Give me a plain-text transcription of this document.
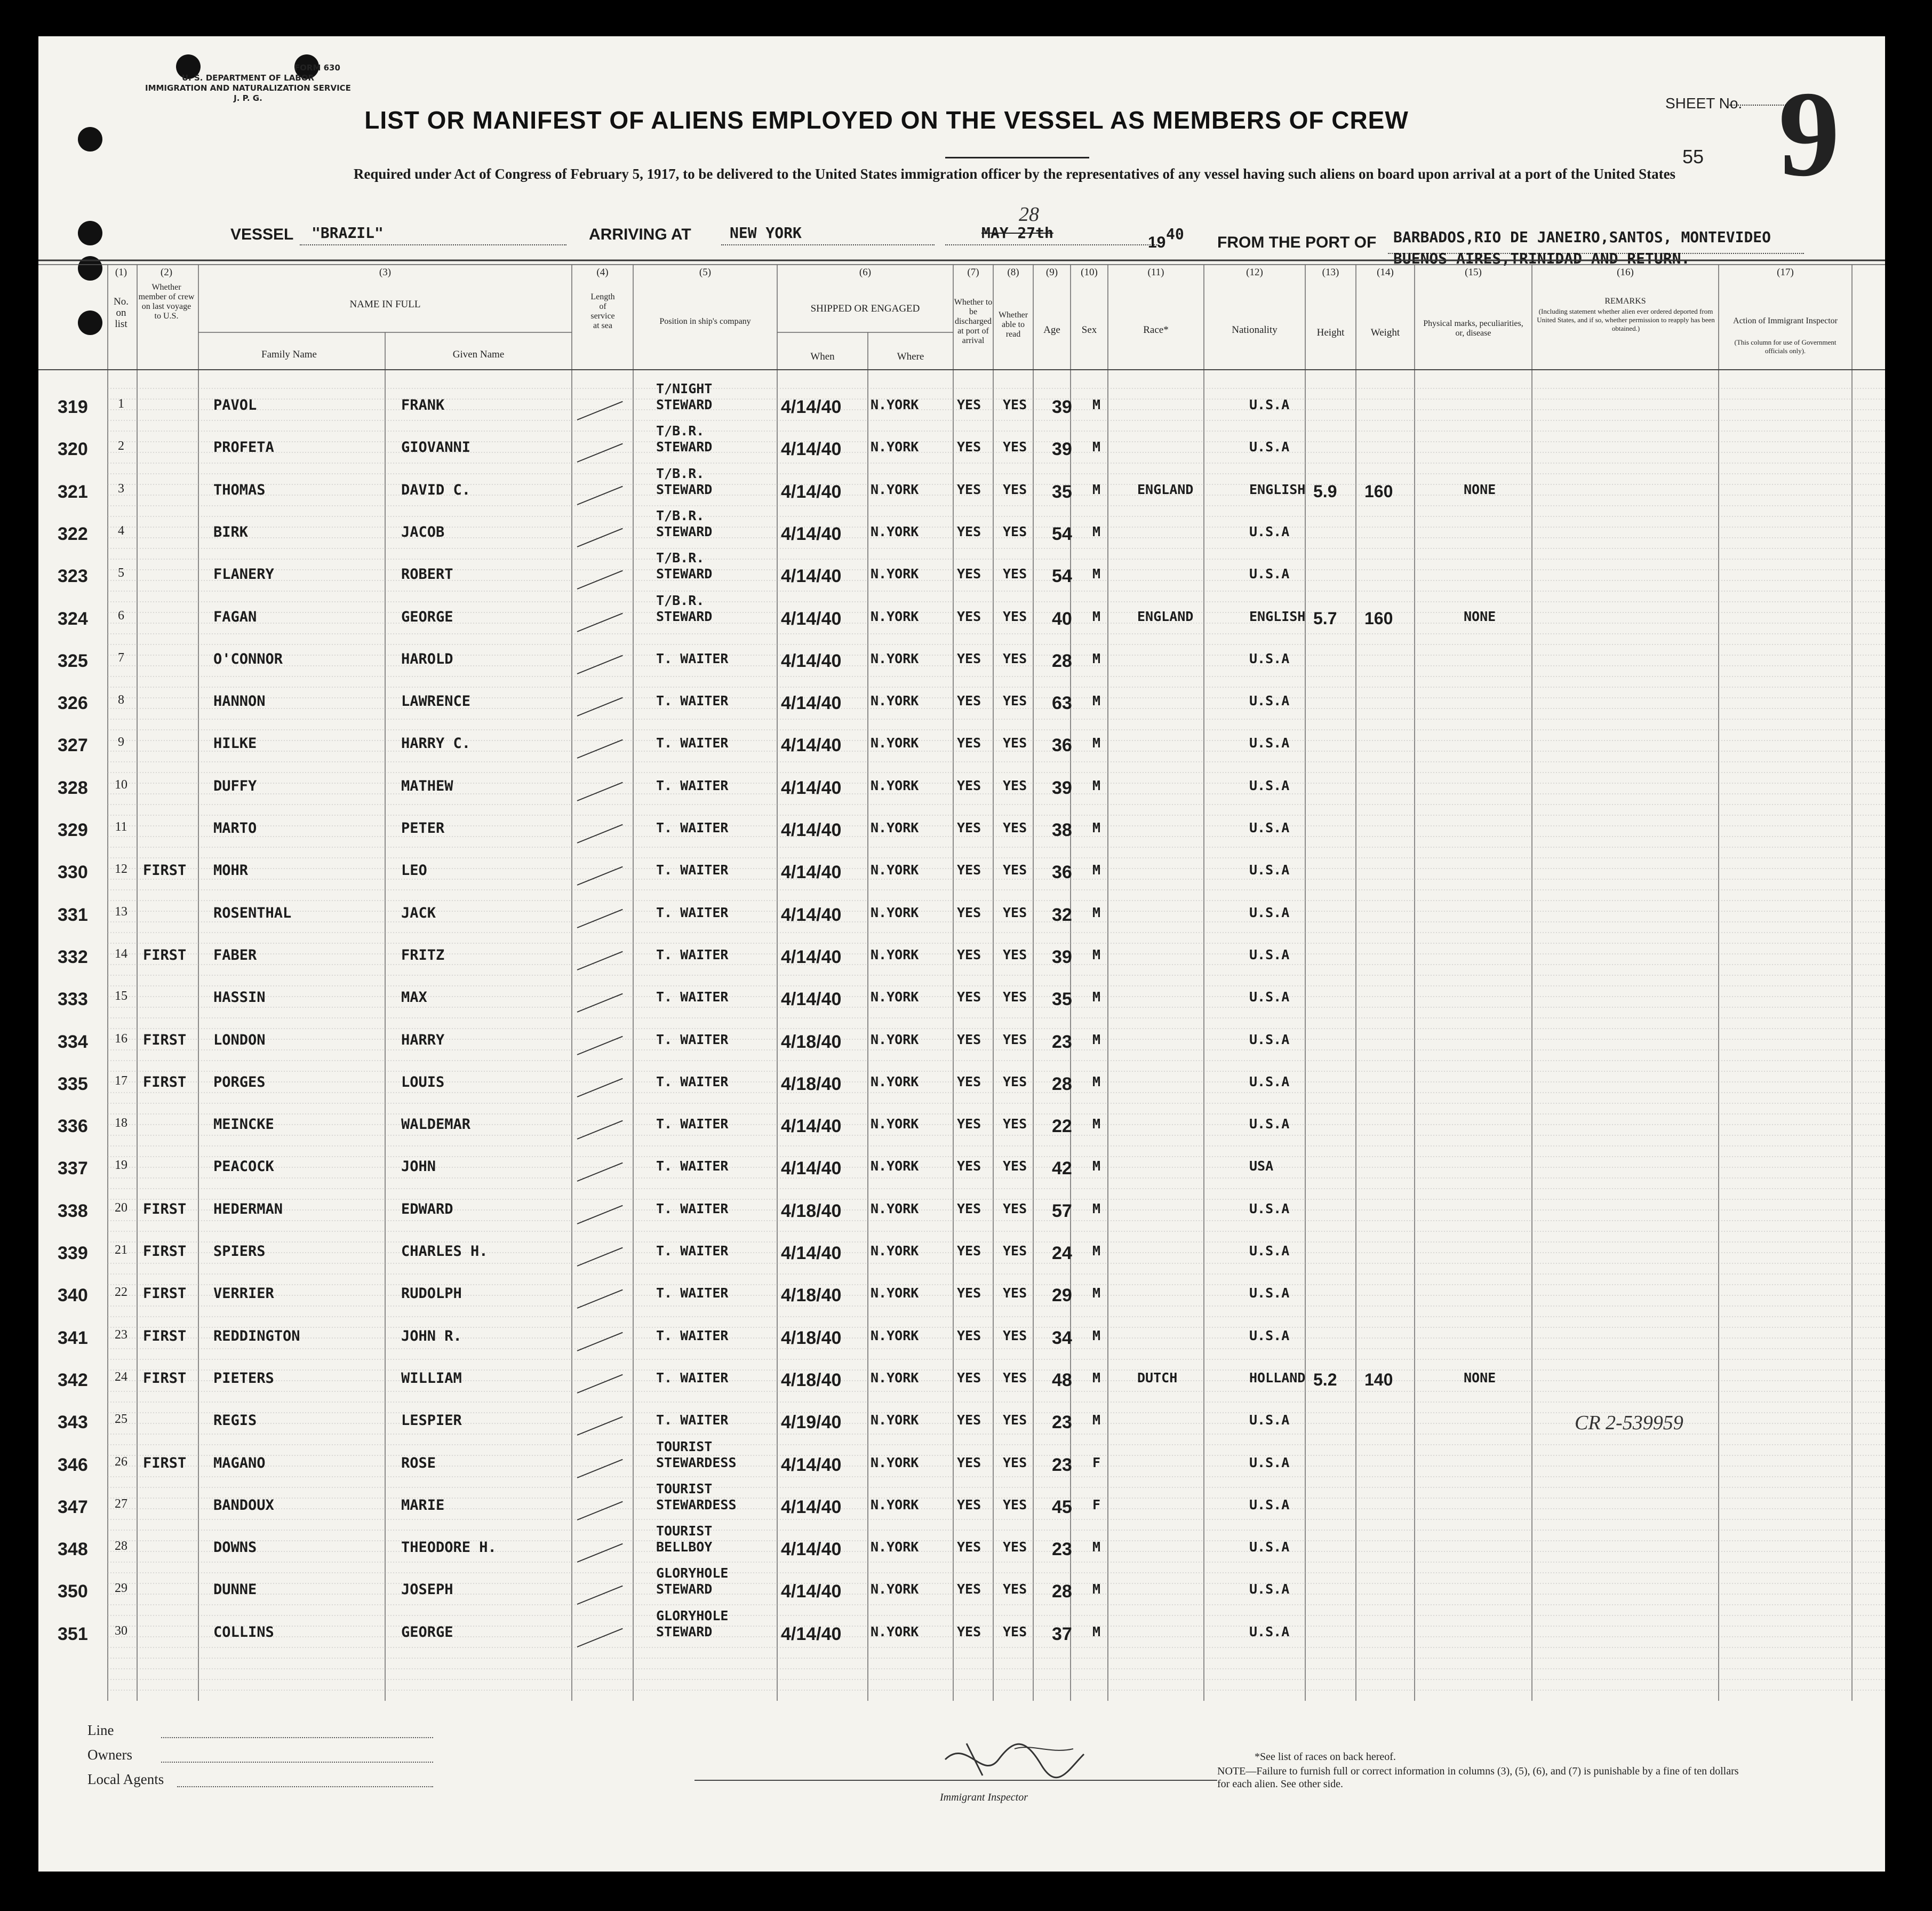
FORM 630
U. S. DEPARTMENT OF LABOR
IMMIGRATION AND NATURALIZATION SERVICE
J. P. G.
LIST OR MANIFEST OF ALIENS EMPLOYED ON THE VESSEL AS MEMBERS OF CREW
SHEET No. 9
55
Required under Act of Congress of February 5, 1917, to be delivered to the United States immigration officer by the representatives of any vessel having such aliens on board upon arrival at a port of the United States
VESSEL "BRAZIL"	ARRIVING AT	NEW YORK	MAY 27th
28
19 40 FROM THE PORT OF BARBADOS,RIO DE JANEIRO,SANTOS, MONTEVIDEO
BUENOS AIRES,TRINIDAD AND RETURN.
(1)
No. on list
(2)
Whether member of crew on last voyage to U.S.
(3)
NAME IN FULL
Family Name	Given Name
(4)
Length of service at sea
(5)
Position in ship's company
(6)
SHIPPED OR ENGAGED
When	Where
(7)
Whether to be discharged at port of arrival
(8)
Whether able to read
(9)
Age
(10)
Sex
(11)
Race*
(12)
Nationality
(13)
Height
(14)
Weight
(15)
Physical marks, peculiarities, or, disease
(16)
REMARKS
(Including statement whether alien ever ordered deported from United States, and if so, whether permission to reapply has been obtained.)
(17)
Action of Immigrant Inspector
(This column for use of Government officials only).
319	1	PAVOL	FRANK
T/NIGHT
STEWARD	4/14/40 N.YORK	YES YES 39 M	U.S.A
320	2	PROFETA	GIOVANNI
T/B.R.
STEWARD	4/14/40 N.YORK	YES YES 39 M	U.S.A
321	3	THOMAS	DAVID C.
T/B.R.
STEWARD	4/14/40 N.YORK	YES YES 35 M	ENGLAND	ENGLISH 5.9 160	NONE
322	4	BIRK	JACOB
T/B.R.
STEWARD	4/14/40 N.YORK	YES YES 54 M	U.S.A
323	5	FLANERY	ROBERT
T/B.R.
STEWARD	4/14/40 N.YORK	YES YES 54 M	U.S.A
324	6	FAGAN	GEORGE
T/B.R.
STEWARD	4/14/40 N.YORK	YES YES 40 M	ENGLAND	ENGLISH 5.7 160	NONE
325	7	O'CONNOR	HAROLD	T. WAITER	4/14/40 N.YORK	YES YES 28 M	U.S.A
326	8	HANNON	LAWRENCE	T. WAITER	4/14/40 N.YORK	YES YES 63 M	U.S.A
327	9	HILKE	HARRY C.	T. WAITER	4/14/40 N.YORK	YES YES 36 M	U.S.A
328 10	DUFFY	MATHEW	T. WAITER	4/14/40 N.YORK	YES YES 39 M	U.S.A
329 11	MARTO	PETER	T. WAITER	4/14/40 N.YORK	YES YES 38 M	U.S.A
330 12 FIRST MOHR	LEO	T. WAITER	4/14/40 N.YORK	YES YES 36 M	U.S.A
331 13	ROSENTHAL	JACK	T. WAITER	4/14/40 N.YORK	YES YES 32 M	U.S.A
332 14 FIRST FABER	FRITZ	T. WAITER	4/14/40 N.YORK	YES YES 39 M	U.S.A
333 15	HASSIN	MAX	T. WAITER	4/14/40 N.YORK	YES YES 35 M	U.S.A
334 16 FIRST LONDON	HARRY	T. WAITER	4/18/40 N.YORK	YES YES 23 M	U.S.A
335 17 FIRST PORGES	LOUIS	T. WAITER	4/18/40 N.YORK	YES YES 28 M	U.S.A
336 18	MEINCKE	WALDEMAR	T. WAITER	4/14/40 N.YORK	YES YES 22 M	U.S.A
337 19	PEACOCK	JOHN	T. WAITER	4/14/40 N.YORK	YES YES 42 M	USA
338 20 FIRST HEDERMAN	EDWARD	T. WAITER	4/18/40 N.YORK	YES YES 57 M	U.S.A
339 21 FIRST SPIERS	CHARLES H.	T. WAITER	4/14/40 N.YORK	YES YES 24 M	U.S.A
340 22 FIRST VERRIER	RUDOLPH	T. WAITER	4/18/40 N.YORK	YES YES 29 M	U.S.A
341 23 FIRST REDDINGTON	JOHN R.	T. WAITER	4/18/40 N.YORK	YES YES 34 M	U.S.A
342 24 FIRST PIETERS	WILLIAM	T. WAITER	4/18/40 N.YORK	YES YES 48 M	DUTCH	HOLLAND 5.2 140	NONE
343 25	REGIS	LESPIER	T. WAITER	4/19/40 N.YORK	YES YES 23 M	U.S.A
346 26 FIRST MAGANO	ROSE
TOURIST
STEWARDESS 4/14/40 N.YORK	YES YES 23 F	U.S.A
347 27	BANDOUX	MARIE
TOURIST
STEWARDESS 4/14/40 N.YORK	YES YES 45 F	U.S.A
348 28	DOWNS	THEODORE H.
TOURIST
BELLBOY	4/14/40 N.YORK	YES YES 23 M	U.S.A
350 29	DUNNE	JOSEPH
GLORYHOLE
STEWARD	4/14/40 N.YORK	YES YES 28 M	U.S.A
351 30	COLLINS	GEORGE
GLORYHOLE
STEWARD	4/14/40 N.YORK	YES YES 37 M	U.S.A
CR 2-539959
Line
Owners
Local Agents
Immigrant Inspector
*See list of races on back hereof.
NOTE—Failure to furnish full or correct information in columns (3), (5), (6), and (7) is punishable by a fine of ten dollars for each alien. See other side.
